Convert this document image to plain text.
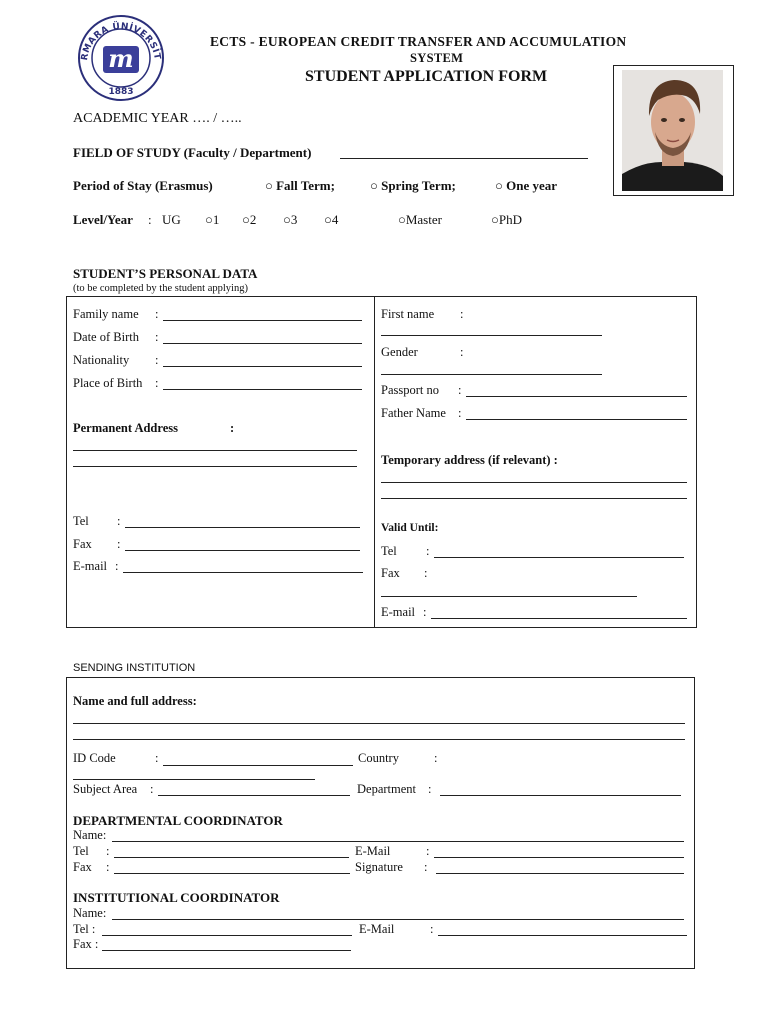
RMARA ÜNİVERSİT
1883
m
ECTS - EUROPEAN CREDIT TRANSFER AND ACCUMULATION
SYSTEM
STUDENT APPLICATION FORM
ACADEMIC YEAR …. / …..
FIELD OF STUDY (Faculty / Department)
Period of Stay (Erasmus)	○ Fall Term;	○ Spring Term;	○ One year
Level/Year : UG ○1 ○2 ○3 ○4	○Master	○PhD
STUDENT’S PERSONAL DATA
(to be completed by the student applying)
Family name :
Date of Birth :
Nationality :
Place of Birth :
Permanent Address	:
Tel :
Fax :
E-mail :
First name :
Gender	:
Passport no :
Father Name :
Temporary address (if relevant) :
Valid Until:
Tel :
Fax :
E-mail :
SENDING INSTITUTION
Name and full address:
ID Code	:	Country	:
Subject Area :	Department :
DEPARTMENTAL COORDINATOR
Name:
Tel :	E-Mail	:
Fax :	Signature :
INSTITUTIONAL COORDINATOR
Name:
Tel :	E-Mail	:
Fax :
